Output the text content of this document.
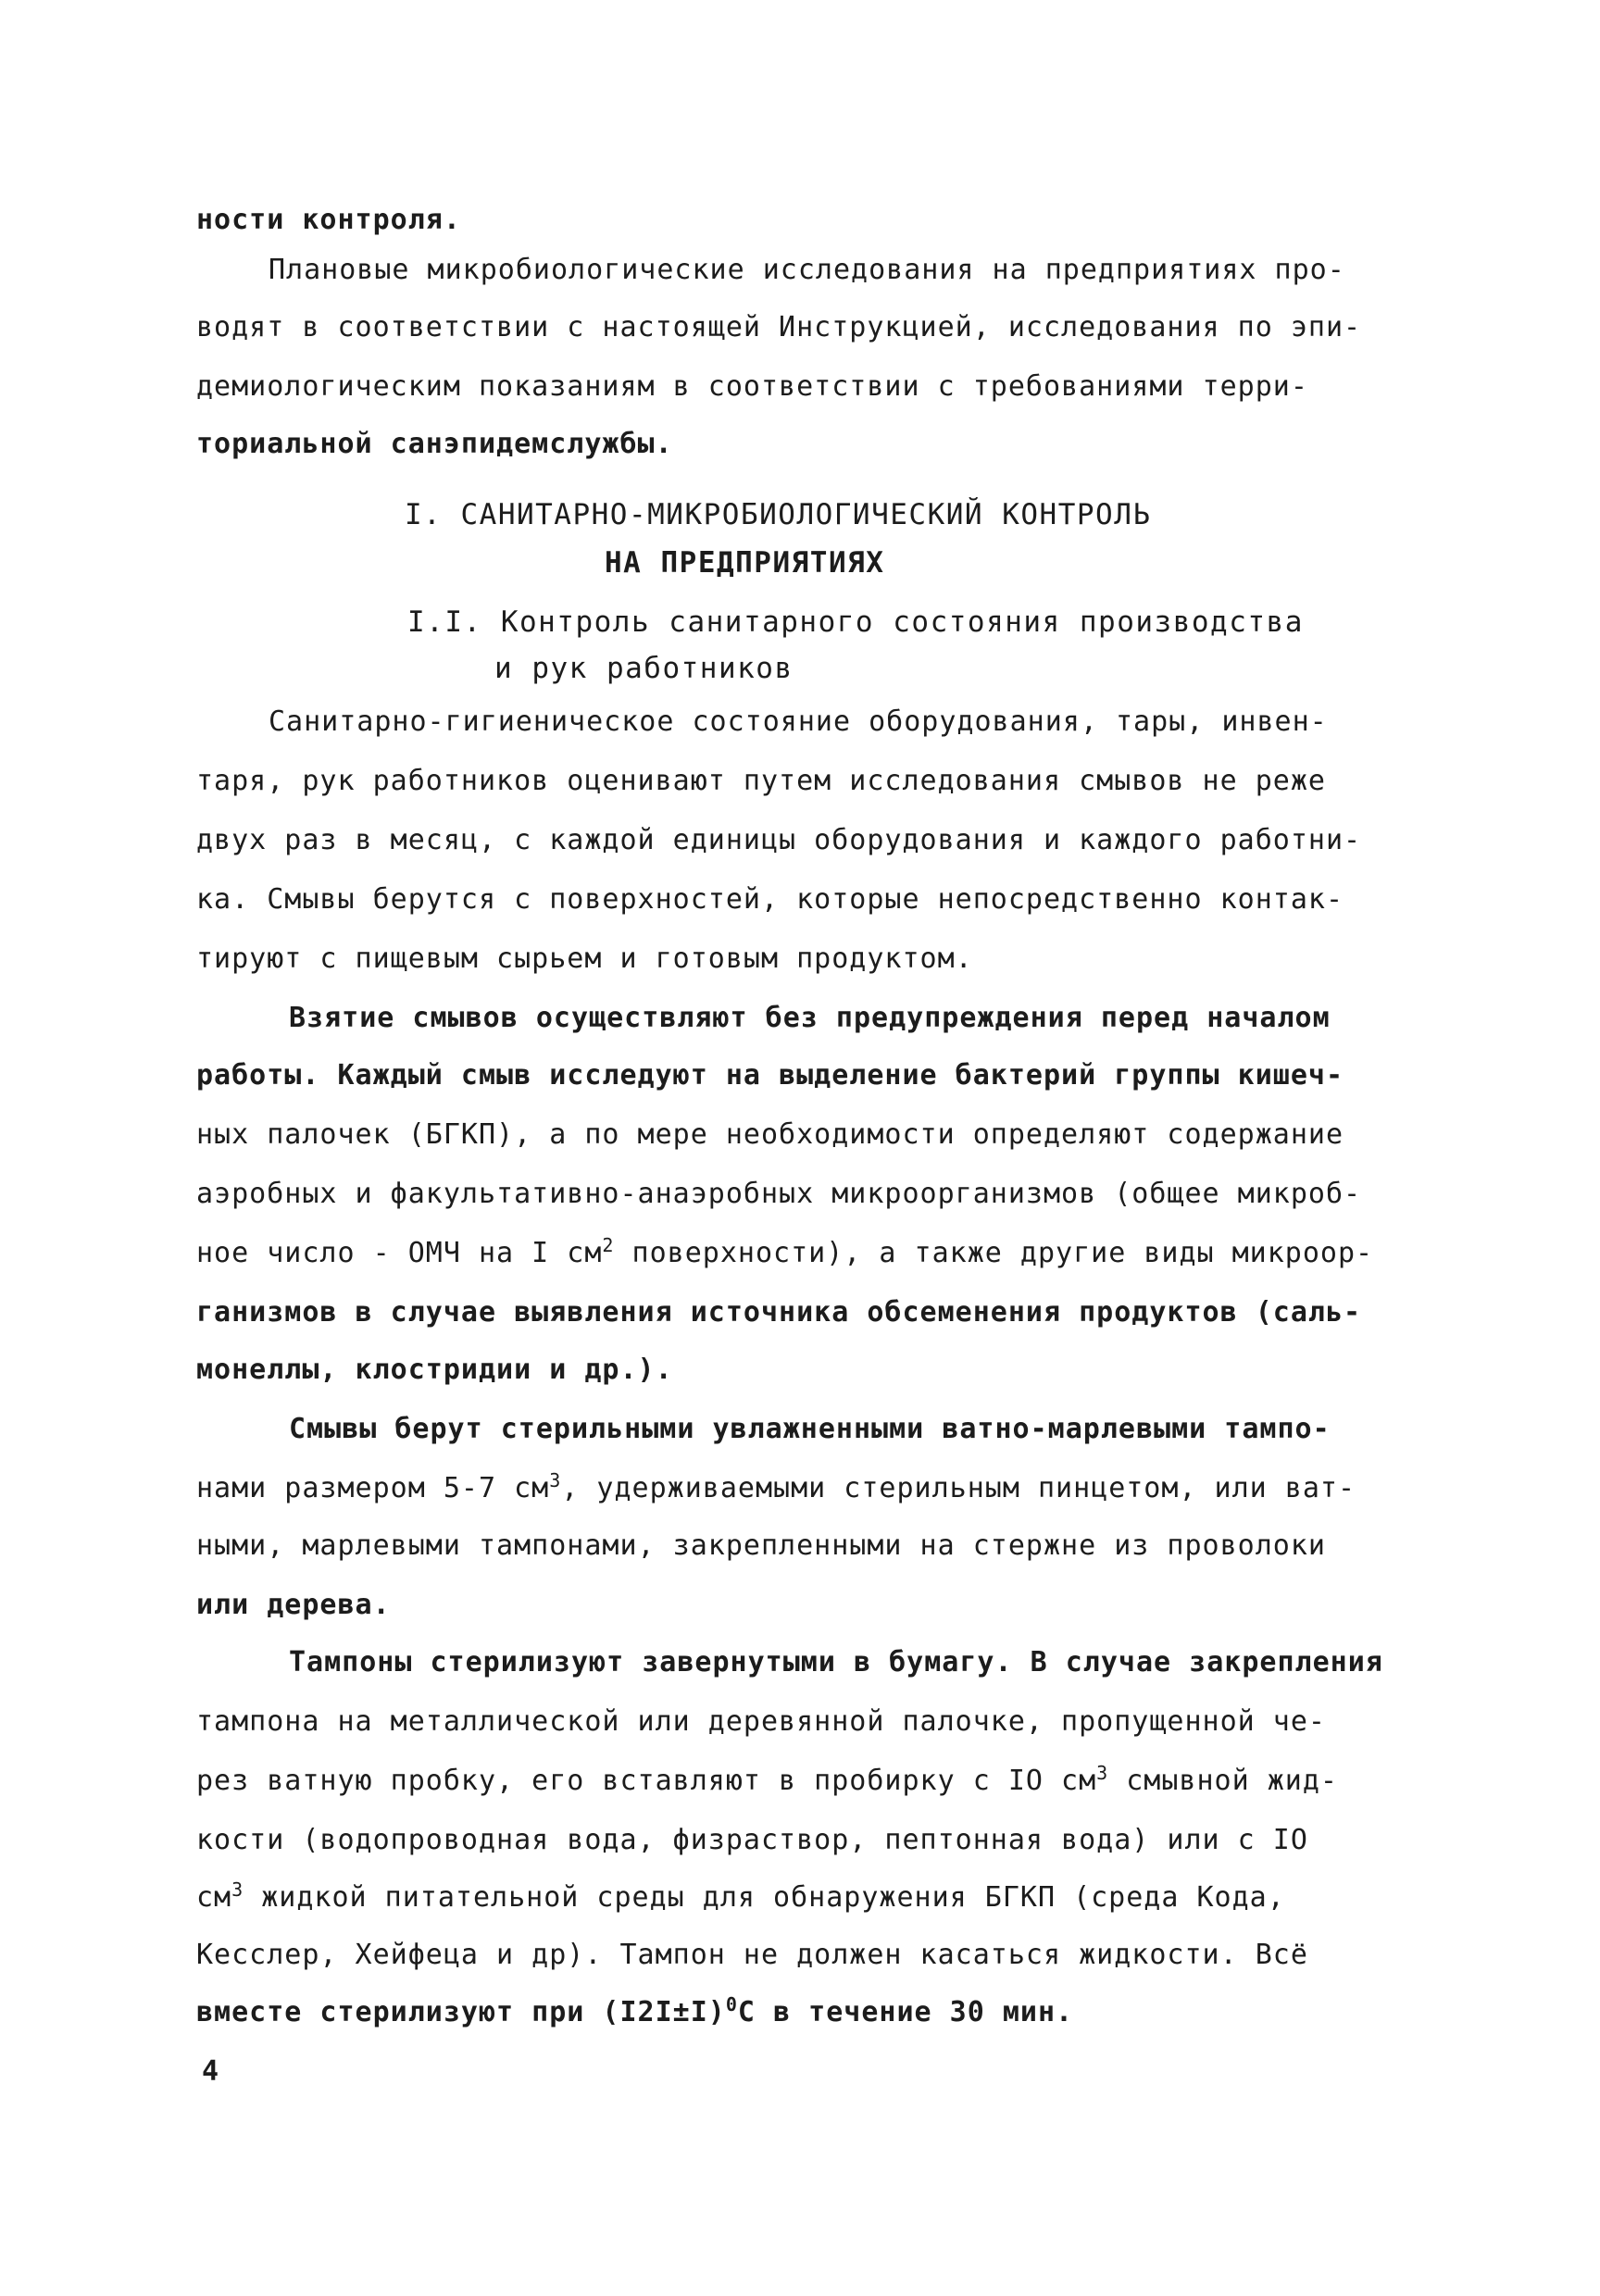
ности контроля.
Плановые микробиологические исследования на предприятиях про-
водят в соответствии с настоящей Инструкцией, исследования по эпи-
демиологическим показаниям в соответствии с требованиями терри-
ториальной санэпидемслужбы.
I. САНИТАРНО-МИКРОБИОЛОГИЧЕСКИЙ КОНТРОЛЬ
НА ПРЕДПРИЯТИЯХ
I.I. Контроль санитарного состояния производства
и рук работников
Санитарно-гигиеническое состояние оборудования, тары, инвен-
таря, рук работников оценивают путем исследования смывов не реже
двух раз в месяц, с каждой единицы оборудования и каждого работни-
ка. Смывы берутся с поверхностей, которые непосредственно контак-
тируют с пищевым сырьем и готовым продуктом.
Взятие смывов осуществляют без предупреждения перед началом
работы. Каждый смыв исследуют на выделение бактерий группы кишеч-
ных палочек (БГКП), а по мере необходимости определяют содержание
аэробных и факультативно-анаэробных микроорганизмов (общее микроб-
ное число - ОМЧ на I $см^2$ поверхности), а также другие виды микроор-
ганизмов в случае выявления источника обсеменения продуктов (саль-
монеллы, клостридии и др.).
Смывы берут стерильными увлажненными ватно-марлевыми тампо-
нами размером 5-7 $см^3$, удерживаемыми стерильным пинцетом, или ват-
ными, марлевыми тампонами, закрепленными на стержне из проволоки
или дерева.
Тампоны стерилизуют завернутыми в бумагу. В случае закрепления
тампона на металлической или деревянной палочке, пропущенной че-
рез ватную пробку, его вставляют в пробирку с IO $см^3$ смывной жид-
кости (водопроводная вода, физраствор, пептонная вода) или с IO
$см^3$ жидкой питательной среды для обнаружения БГКП (среда Кода,
Кесслер, Хейфеца и др). Тампон не должен касаться жидкости. Всё
вместе стерилизуют при $(I2I\pm I)^0C$ в течение 30 мин.
4
